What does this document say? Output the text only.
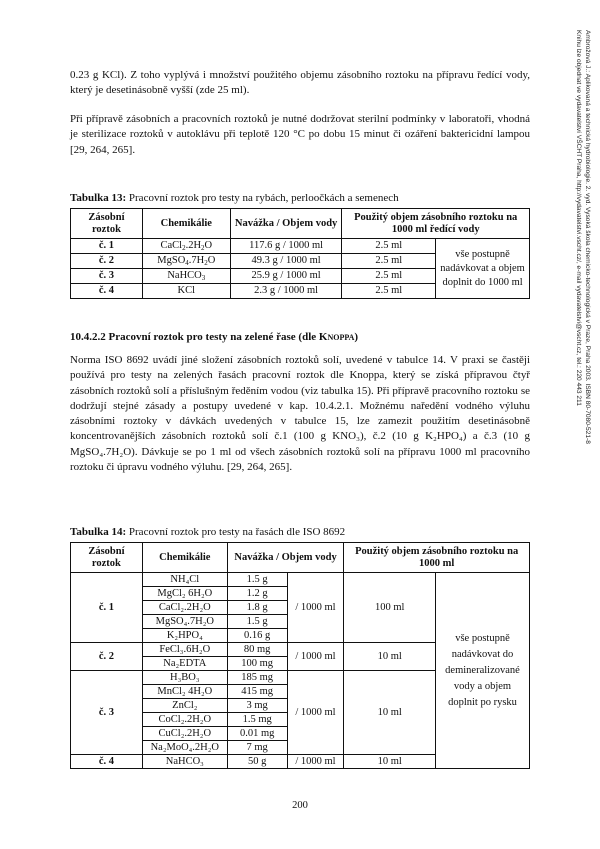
Ambrožová J.: Aplikovaná a technická hydrobiologie. 2. vyd. Vysoká škola chemicko-technologická v Praze, Praha 2003. ISBN 80-7080-521-8
Knihu lze objednat ve vydavatelství VŠCHT Praha, http://vydavatelstvi.vscht.cz/, e-mail vydavatelstvi@vscht.cz, tel.: 220 443 211

0.23 g KCl). Z toho vyplývá i množství použitého objemu zásobního roztoku na přípravu ředící vody, který je desetinásobně vyšší (zde 25 ml).

Při přípravě zásobních a pracovních roztoků je nutné dodržovat sterilní podmínky v laboratoři, vhodná je sterilizace roztoků v autoklávu při teplotě 120 °C po dobu 15 minut či ozáření baktericidní lampou [29, 264, 265].

Tabulka 13: Pracovní roztok pro testy na rybách, perloočkách a semenech
Zásobní roztok	Chemikálie	Navážka / Objem vody	Použitý objem zásobního roztoku na 1000 ml ředící vody	
č. 1	$CaCl_2.2H_2O$	117.6 g / 1000 ml	2.5 ml	vše postupně nadávkovat a objem doplnit do 1000 ml
č. 2	$MgSO_4.7H_2O$	49.3 g / 1000 ml	2.5 ml	
č. 3	NaHCO$_3$	25.9 g / 1000 ml	2.5 ml	
č. 4	KCl	2.3 g / 1000 ml	2.5 ml	
10.4.2.2 Pracovní roztok pro testy na zelené řase (dle Knoppa)

Norma ISO 8692 uvádí jiné složení zásobních roztoků solí, uvedené v tabulce 14. V praxi se častěji používá pro testy na zelených řasách pracovní roztok dle Knoppa, který se získá přípravou čtyř zásobních roztoků solí a příslušným ředěním vodou (viz tabulka 15). Při přípravě pracovního roztoku se dodržují stejné zásady a postupy uvedené v kap. 10.4.2.1. Možnému naředění vodného výluhu zásobními roztoky v dávkách uvedených v tabulce 15, lze zamezit použitím desetinásobně koncentrovanějších zásobních roztoků solí č.1 (100 g KNO₃), č.2 (10 g K₂HPO₄) a č.3 (10 g MgSO₄.7H₂O). Dávkuje se po 1 ml od všech zásobních roztoků solí na přípravu 1000 ml pracovního roztoku či úpravu vodného výluhu. [29, 264, 265].

Tabulka 14: Pracovní roztok pro testy na řasách dle ISO 8692
Zásobní roztok	Chemikálie	Navážka / Objem vody		Použitý objem zásobního roztoku na 1000 ml	
č. 1	NH₄Cl	1.5 g	/ 1000 ml	100 ml	vše postupně nadávkovat do demineralizované vody a objem doplnit po rysku
	MgCl₂ 6H₂O	1.2 g			
	CaCl₂.2H₂O	1.8 g			
	MgSO₄.7H₂O	1.5 g			
	K₂HPO₄	0.16 g			
č. 2	FeCl₃.6H₂O	80 mg	/ 1000 ml	10 ml	
	Na₂EDTA	100 mg			
č. 3	H₃BO₃	185 mg	/ 1000 ml	10 ml	
	MnCl₂ 4H₂O	415 mg			
	ZnCl₂	3 mg			
	CoCl₂.2H₂O	1.5 mg			
	CuCl₂.2H₂O	0.01 mg			
	Na₂MoO₄.2H₂O	7 mg			
č. 4	NaHCO₃	50 g	/ 1000 ml	10 ml	
200
